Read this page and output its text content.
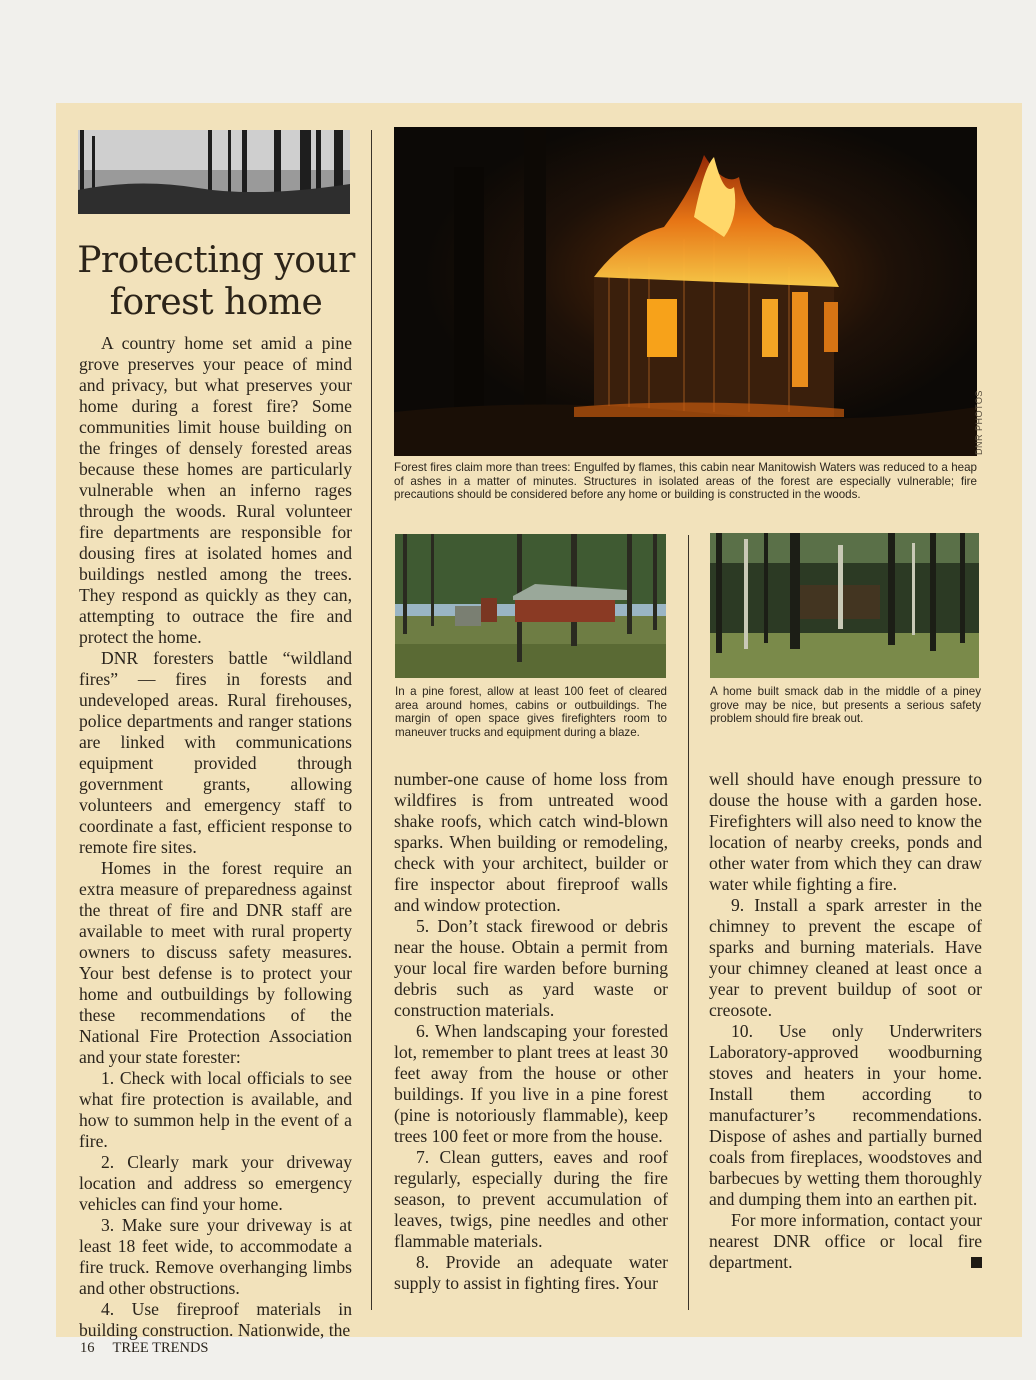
Protecting your
forest home

A country home set amid a pine grove preserves your peace of mind and privacy, but what preserves your home during a forest fire? Some communities limit house building on the fringes of densely forested areas because these homes are particularly vulnerable when an inferno rages through the woods. Rural volunteer fire departments are responsible for dousing fires at isolated homes and buildings nestled among the trees. They respond as quickly as they can, attempting to outrace the fire and protect the home.

DNR foresters battle “wildland fires” — fires in forests and undeveloped areas. Rural firehouses, police departments and ranger stations are linked with communications equipment provided through government grants, allowing volunteers and emergency staff to coordinate a fast, efficient response to remote fire sites.

Homes in the forest require an extra measure of preparedness against the threat of fire and DNR staff are available to meet with rural property owners to discuss safety measures. Your best defense is to protect your home and outbuildings by following these recommendations of the National Fire Protection Association and your state forester:

1. Check with local officials to see what fire protection is available, and how to summon help in the event of a fire.

2. Clearly mark your driveway location and address so emergency vehicles can find your home.

3. Make sure your driveway is at least 18 feet wide, to accommodate a fire truck. Remove overhanging limbs and other obstructions.

4. Use fireproof materials in building construction. Nationwide, the

DNR PHOTOS

Forest fires claim more than trees: Engulfed by flames, this cabin near Manitowish Waters was reduced to a heap of ashes in a matter of minutes. Structures in isolated areas of the forest are especially vulnerable; fire precautions should be considered before any home or building is constructed in the woods.

In a pine forest, allow at least 100 feet of cleared area around homes, cabins or outbuildings. The margin of open space gives firefighters room to maneuver trucks and equipment during a blaze.

A home built smack dab in the middle of a piney grove may be nice, but presents a serious safety problem should fire break out.

number-one cause of home loss from wildfires is from untreated wood shake roofs, which catch wind-blown sparks. When building or remodeling, check with your architect, builder or fire inspector about fireproof walls and window protection.

5. Don’t stack firewood or debris near the house. Obtain a permit from your local fire warden before burning debris such as yard waste or construction materials.

6. When landscaping your forested lot, remember to plant trees at least 30 feet away from the house or other buildings. If you live in a pine forest (pine is notoriously flammable), keep trees 100 feet or more from the house.

7. Clean gutters, eaves and roof regularly, especially during the fire season, to prevent accumulation of leaves, twigs, pine needles and other flammable materials.

8. Provide an adequate water supply to assist in fighting fires. Your

well should have enough pressure to douse the house with a garden hose. Firefighters will also need to know the location of nearby creeks, ponds and other water from which they can draw water while fighting a fire.

9. Install a spark arrester in the chimney to prevent the escape of sparks and burning materials. Have your chimney cleaned at least once a year to prevent buildup of soot or creosote.

10. Use only Underwriters Laboratory-approved woodburning stoves and heaters in your home. Install them according to manufacturer’s recommendations. Dispose of ashes and partially burned coals from fireplaces, woodstoves and barbecues by wetting them thoroughly and dumping them into an earthen pit.

For more information, contact your nearest DNR office or local fire department.

16 TREE TRENDS
